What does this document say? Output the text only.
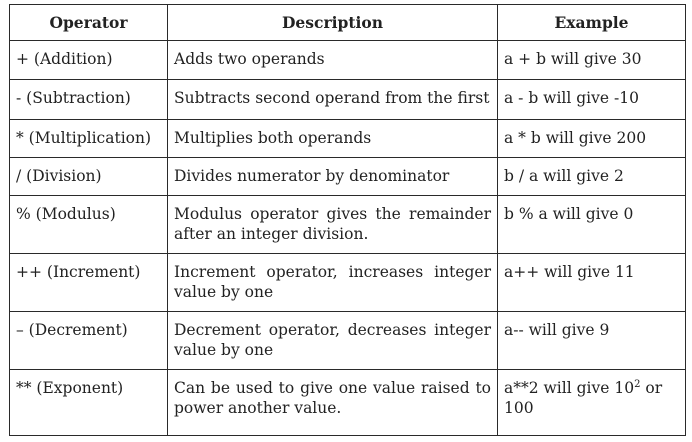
Operator	Description	Example
+ (Addition)	Adds two operands	a + b will give 30
- (Subtraction)	Subtracts second operand from the first	a - b will give -10
* (Multiplication)	Multiplies both operands	a * b will give 200
/ (Division)	Divides numerator by denominator	b / a will give 2
% (Modulus)	Modulus operator gives the remainder after an integer division.	b % a will give 0
++ (Increment)	Increment operator, increases integer value by one	a++ will give 11
– (Decrement)	Decrement operator, decreases integer value by one	a-- will give 9
** (Exponent)	Can be used to give one value raised to power another value.	a**2 will give $10^2$ or 100
